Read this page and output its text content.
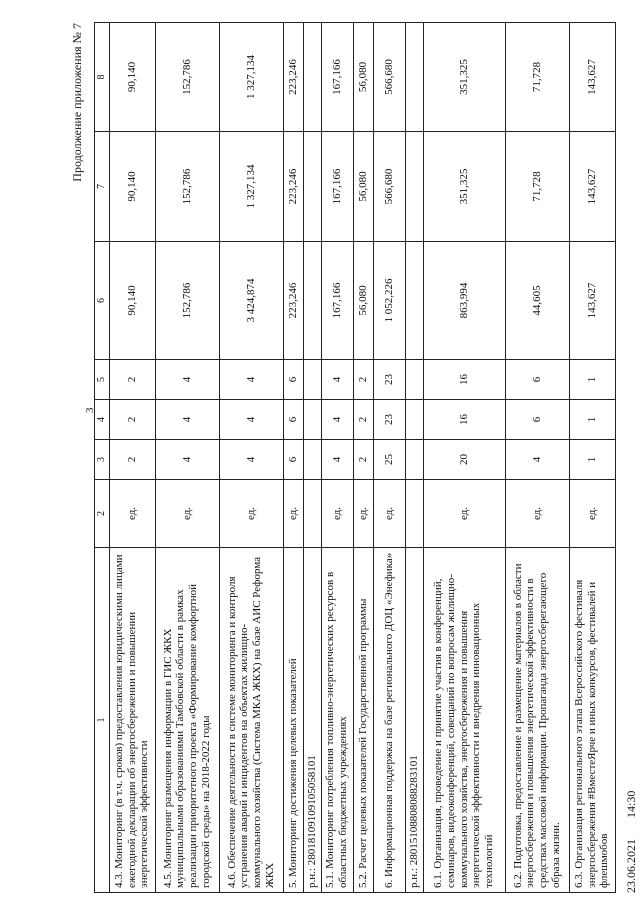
Продолжение приложения № 7
3
1	2	3	4	5	6	7	8
4.3. Мониторинг (в т.ч. сроков) предоставления юридическими лицами ежегодной декларации об энергосбережении и повышении энергетической эффективности	ед.	2	2	2	90,140	90,140	90,140
4.5. Мониторинг размещения информации в ГИС ЖКХ муниципальными образованиями Тамбовской области в рамках реализации приоритетного проекта «Формирование комфортной городской среды» на 2018-2022 годы	ед.	4	4	4	152,786	152,786	152,786
4.6. Обеспечение деятельности в системе мониторинга и контроля устранения аварий и инцидентов на объектах жилищно-коммунального хозяйства (Система МКА ЖКХ) на базе АИС Реформа ЖКХ	ед.	4	4	4	3 424,874	1 327,134	1 327,134
5. Мониторинг достижения целевых показателей	ед.	6	6	6	223,246	223,246	223,246
р.н.: 28018109109105058101							
5.1. Мониторинг потребления топливно-энергетических ресурсов в областных бюджетных учреждениях	ед.	4	4	4	167,166	167,166	167,166
5.2. Расчет целевых показателей Государственной программы	ед.	2	2	2	56,080	56,080	56,080
6. Информационная поддержка на базе регионального ДОЦ «Энефика»	ед.	25	23	23	1 052,226	566,680	566,680
р.н.: 28015108808088283101							
6.1. Организация, проведение и принятие участия в конференций, семинаров, видеоконференций, совещаний по вопросам жилищно-коммунального хозяйства, энергосбережения и повышения энергетической эффективности и внедрения инновационных технологий	ед.	20	16	16	863,994	351,325	351,325
6.2. Подготовка, предоставление и размещение материалов в области энергосбережения и повышения энергетической эффективности в средствах массовой информации. Пропаганда энергосберегающего образа жизни.	ед.	4	6	6	44,605	71,728	71,728
6.3. Организация регионального этапа Всероссийского фестиваля энергосбережения #ВместеЯрче и иных конкурсов, фестивалей и флешмобов	ед.	1	1	1	143,627	143,627	143,627
23.06.2021 14:30
